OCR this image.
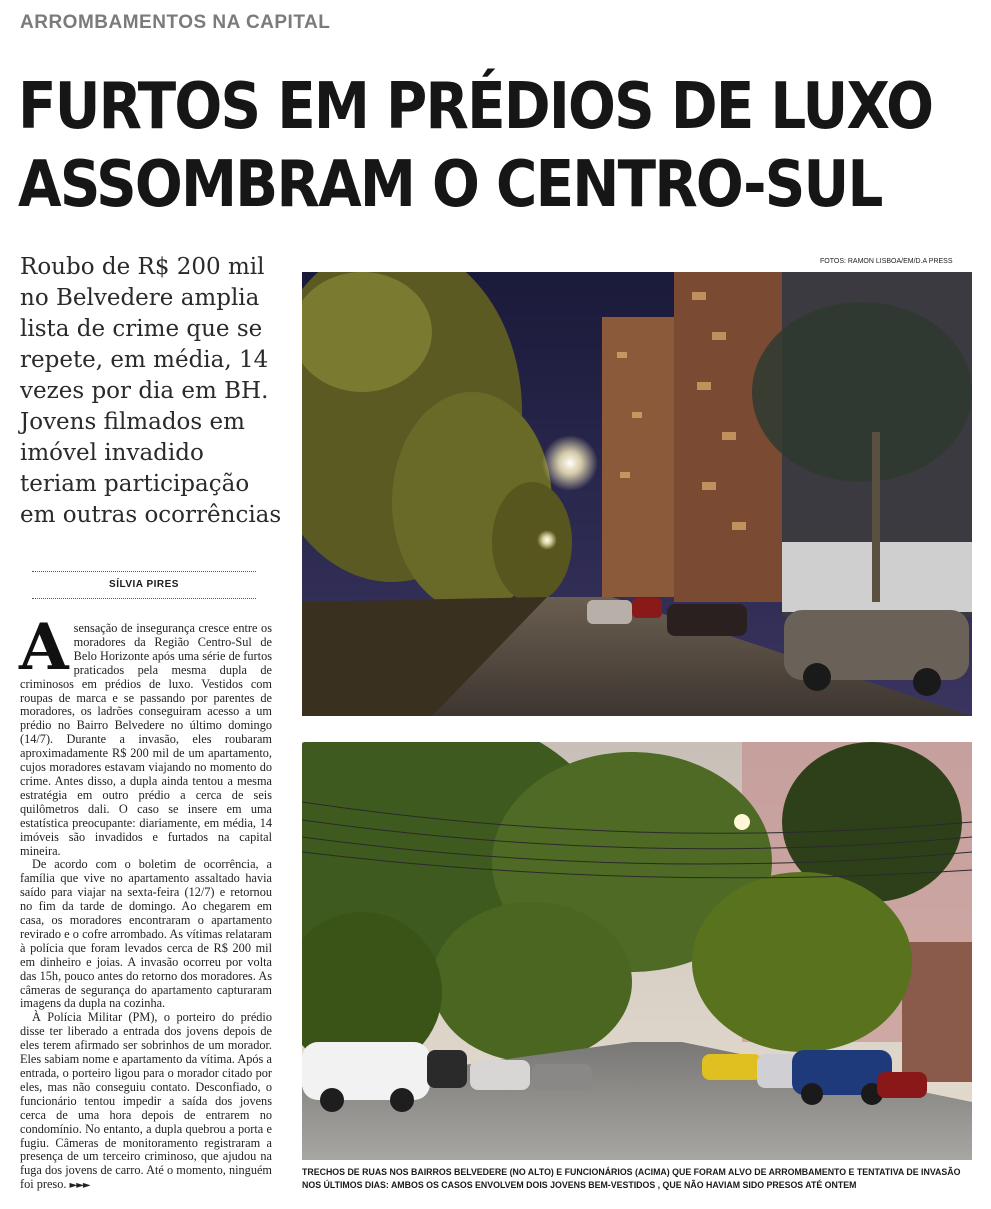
ARROMBAMENTOS NA CAPITAL
FURTOS EM PRÉDIOS DE LUXO
ASSOMBRAM O CENTRO-SUL
Roubo de R$ 200 mil no Belvedere amplia lista de crime que se repete, em média, 14 vezes por dia em BH. Jovens filmados em imóvel invadido teriam participação em outras ocorrências
SÍLVIA PIRES
A sensação de insegurança cresce entre os moradores da Região Centro-Sul de Belo Horizonte após uma série de furtos praticados pela mesma dupla de criminosos em prédios de luxo. Vestidos com roupas de marca e se passando por parentes de moradores, os ladrões conseguiram acesso a um prédio no Bairro Belvedere no último domingo (14/7). Durante a invasão, eles roubaram aproximadamente R$ 200 mil de um apartamento, cujos moradores estavam viajando no momento do crime. Antes disso, a dupla ainda tentou a mesma estratégia em outro prédio a cerca de seis quilômetros dali. O caso se insere em uma estatística preocupante: diariamente, em média, 14 imóveis são invadidos e furtados na capital mineira.

De acordo com o boletim de ocorrência, a família que vive no apartamento assaltado havia saído para viajar na sexta-feira (12/7) e retornou no fim da tarde de domingo. Ao chegarem em casa, os moradores encontraram o apartamento revirado e o cofre arrombado. As vítimas relataram à polícia que foram levados cerca de R$ 200 mil em dinheiro e joias. A invasão ocorreu por volta das 15h, pouco antes do retorno dos moradores. As câmeras de segurança do apartamento capturaram imagens da dupla na cozinha.

À Polícia Militar (PM), o porteiro do prédio disse ter liberado a entrada dos jovens depois de eles terem afirmado ser sobrinhos de um morador. Eles sabiam nome e apartamento da vítima. Após a entrada, o porteiro ligou para o morador citado por eles, mas não conseguiu contato. Desconfiado, o funcionário tentou impedir a saída dos jovens cerca de uma hora depois de entrarem no condomínio. No entanto, a dupla quebrou a porta e fugiu. Câmeras de monitoramento registraram a presença de um terceiro criminoso, que ajudou na fuga dos jovens de carro. Até o momento, ninguém foi preso. ►►►

FOTOS: RAMON LISBOA/EM/D.A PRESS
TRECHOS DE RUAS NOS BAIRROS BELVEDERE (NO ALTO) E FUNCIONÁRIOS (ACIMA) QUE FORAM ALVO DE ARROMBAMENTO E TENTATIVA DE INVASÃO NOS ÚLTIMOS DIAS: AMBOS OS CASOS ENVOLVEM DOIS JOVENS BEM-VESTIDOS , QUE NÃO HAVIAM SIDO PRESOS ATÉ ONTEM
